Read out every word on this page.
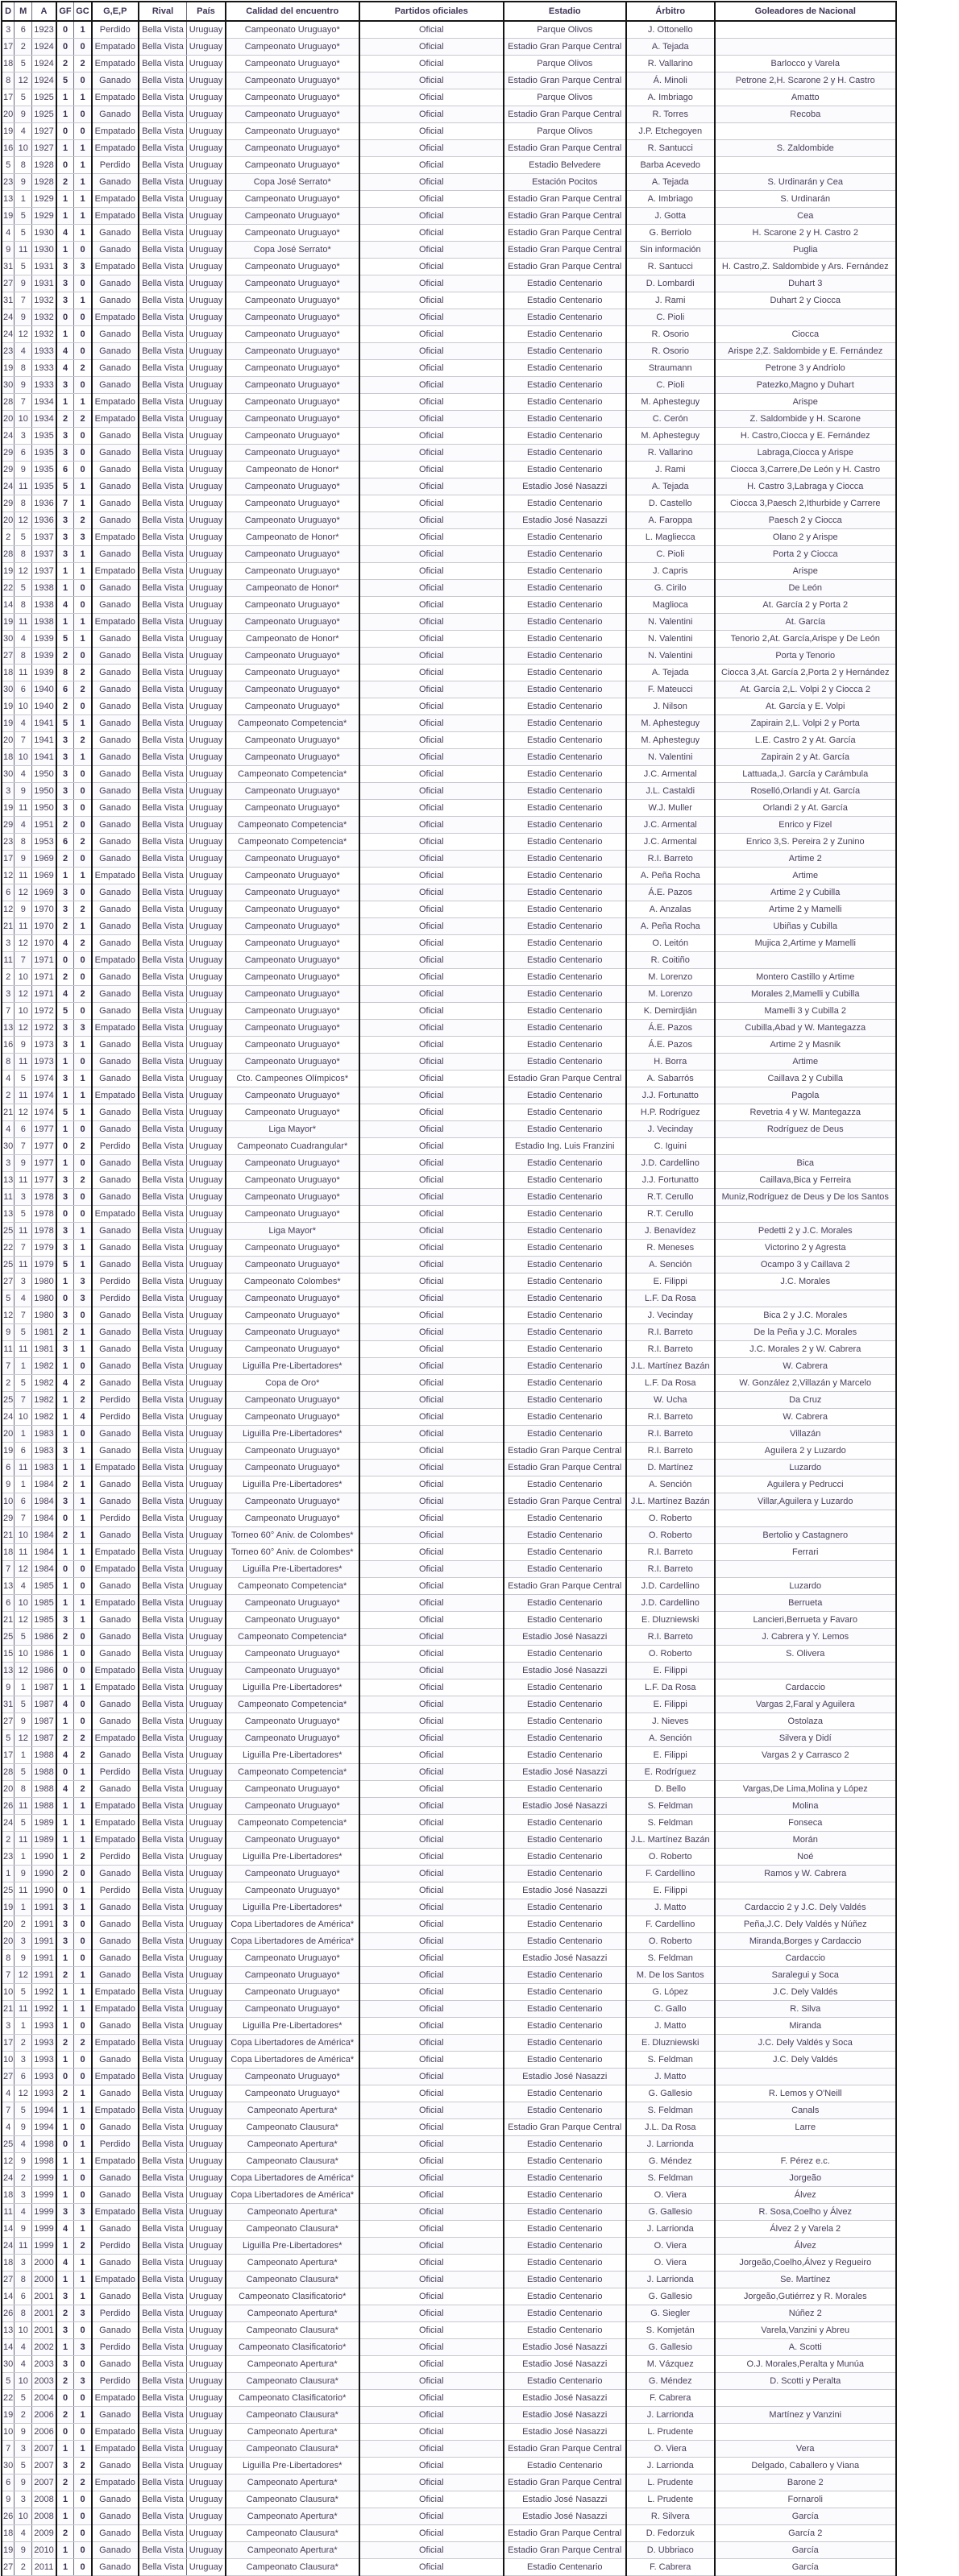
D	M	A	GF	GC	G,E,P	Rival	País	Calidad del encuentro	Partidos oficiales	Estadio	Árbitro	Goleadores de Nacional
3	6	1923	0	1	Perdido	Bella Vista	Uruguay	Campeonato Uruguayo*	Oficial	Parque Olivos	J. Ottonello	
17	2	1924	0	0	Empatado	Bella Vista	Uruguay	Campeonato Uruguayo*	Oficial	Estadio Gran Parque Central	A. Tejada	
18	5	1924	2	2	Empatado	Bella Vista	Uruguay	Campeonato Uruguayo*	Oficial	Parque Olivos	R. Vallarino	Barlocco y Varela
8	12	1924	5	0	Ganado	Bella Vista	Uruguay	Campeonato Uruguayo*	Oficial	Estadio Gran Parque Central	Á. Minoli	Petrone 2,H. Scarone 2 y H. Castro
17	5	1925	1	1	Empatado	Bella Vista	Uruguay	Campeonato Uruguayo*	Oficial	Parque Olivos	A. Imbriago	Amatto
20	9	1925	1	0	Ganado	Bella Vista	Uruguay	Campeonato Uruguayo*	Oficial	Estadio Gran Parque Central	R. Torres	Recoba
19	4	1927	0	0	Empatado	Bella Vista	Uruguay	Campeonato Uruguayo*	Oficial	Parque Olivos	J.P. Etchegoyen	
16	10	1927	1	1	Empatado	Bella Vista	Uruguay	Campeonato Uruguayo*	Oficial	Estadio Gran Parque Central	R. Santucci	S. Zaldombide
5	8	1928	0	1	Perdido	Bella Vista	Uruguay	Campeonato Uruguayo*	Oficial	Estadio Belvedere	Barba Acevedo	
23	9	1928	2	1	Ganado	Bella Vista	Uruguay	Copa José Serrato*	Oficial	Estación Pocitos	A. Tejada	S. Urdinarán y Cea
13	1	1929	1	1	Empatado	Bella Vista	Uruguay	Campeonato Uruguayo*	Oficial	Estadio Gran Parque Central	A. Imbriago	S. Urdinarán
19	5	1929	1	1	Empatado	Bella Vista	Uruguay	Campeonato Uruguayo*	Oficial	Estadio Gran Parque Central	J. Gotta	Cea
4	5	1930	4	1	Ganado	Bella Vista	Uruguay	Campeonato Uruguayo*	Oficial	Estadio Gran Parque Central	G. Berriolo	H. Scarone 2 y H. Castro 2
9	11	1930	1	0	Ganado	Bella Vista	Uruguay	Copa José Serrato*	Oficial	Estadio Gran Parque Central	Sin información	Puglia
31	5	1931	3	3	Empatado	Bella Vista	Uruguay	Campeonato Uruguayo*	Oficial	Estadio Gran Parque Central	R. Santucci	H. Castro,Z. Saldombide y Ars. Fernández
27	9	1931	3	0	Ganado	Bella Vista	Uruguay	Campeonato Uruguayo*	Oficial	Estadio Centenario	D. Lombardi	Duhart 3
31	7	1932	3	1	Ganado	Bella Vista	Uruguay	Campeonato Uruguayo*	Oficial	Estadio Centenario	J. Rami	Duhart 2 y Ciocca
24	9	1932	0	0	Empatado	Bella Vista	Uruguay	Campeonato Uruguayo*	Oficial	Estadio Centenario	C. Pioli	
24	12	1932	1	0	Ganado	Bella Vista	Uruguay	Campeonato Uruguayo*	Oficial	Estadio Centenario	R. Osorio	Ciocca
23	4	1933	4	0	Ganado	Bella Vista	Uruguay	Campeonato Uruguayo*	Oficial	Estadio Centenario	R. Osorio	Arispe 2,Z. Saldombide y E. Fernández
19	8	1933	4	2	Ganado	Bella Vista	Uruguay	Campeonato Uruguayo*	Oficial	Estadio Centenario	Straumann	Petrone 3 y Andriolo
30	9	1933	3	0	Ganado	Bella Vista	Uruguay	Campeonato Uruguayo*	Oficial	Estadio Centenario	C. Pioli	Patezko,Magno y Duhart
28	7	1934	1	1	Empatado	Bella Vista	Uruguay	Campeonato Uruguayo*	Oficial	Estadio Centenario	M. Aphesteguy	Arispe
20	10	1934	2	2	Empatado	Bella Vista	Uruguay	Campeonato Uruguayo*	Oficial	Estadio Centenario	C. Cerón	Z. Saldombide y H. Scarone
24	3	1935	3	0	Ganado	Bella Vista	Uruguay	Campeonato Uruguayo*	Oficial	Estadio Centenario	M. Aphesteguy	H. Castro,Ciocca y E. Fernández
29	6	1935	3	0	Ganado	Bella Vista	Uruguay	Campeonato Uruguayo*	Oficial	Estadio Centenario	R. Vallarino	Labraga,Ciocca y Arispe
29	9	1935	6	0	Ganado	Bella Vista	Uruguay	Campeonato de Honor*	Oficial	Estadio Centenario	J. Rami	Ciocca 3,Carrere,De León y H. Castro
24	11	1935	5	1	Ganado	Bella Vista	Uruguay	Campeonato Uruguayo*	Oficial	Estadio José Nasazzi	A. Tejada	H. Castro 3,Labraga y Ciocca
29	8	1936	7	1	Ganado	Bella Vista	Uruguay	Campeonato Uruguayo*	Oficial	Estadio Centenario	D. Castello	Ciocca 3,Paesch 2,Ithurbide y Carrere
20	12	1936	3	2	Ganado	Bella Vista	Uruguay	Campeonato Uruguayo*	Oficial	Estadio José Nasazzi	A. Faroppa	Paesch 2 y Ciocca
2	5	1937	3	3	Empatado	Bella Vista	Uruguay	Campeonato de Honor*	Oficial	Estadio Centenario	L. Magliecca	Olano 2 y Arispe
28	8	1937	3	1	Ganado	Bella Vista	Uruguay	Campeonato Uruguayo*	Oficial	Estadio Centenario	C. Pioli	Porta 2 y Ciocca
19	12	1937	1	1	Empatado	Bella Vista	Uruguay	Campeonato Uruguayo*	Oficial	Estadio Centenario	J. Capris	Arispe
22	5	1938	1	0	Ganado	Bella Vista	Uruguay	Campeonato de Honor*	Oficial	Estadio Centenario	G. Cirilo	De León
14	8	1938	4	0	Ganado	Bella Vista	Uruguay	Campeonato Uruguayo*	Oficial	Estadio Centenario	Maglioca	At. García 2 y Porta 2
19	11	1938	1	1	Empatado	Bella Vista	Uruguay	Campeonato Uruguayo*	Oficial	Estadio Centenario	N. Valentini	At. García
30	4	1939	5	1	Ganado	Bella Vista	Uruguay	Campeonato de Honor*	Oficial	Estadio Centenario	N. Valentini	Tenorio 2,At. García,Arispe y De León
27	8	1939	2	0	Ganado	Bella Vista	Uruguay	Campeonato Uruguayo*	Oficial	Estadio Centenario	N. Valentini	Porta y Tenorio
18	11	1939	8	2	Ganado	Bella Vista	Uruguay	Campeonato Uruguayo*	Oficial	Estadio Centenario	A. Tejada	Ciocca 3,At. García 2,Porta 2 y Hernández
30	6	1940	6	2	Ganado	Bella Vista	Uruguay	Campeonato Uruguayo*	Oficial	Estadio Centenario	F. Mateucci	At. García 2,L. Volpi 2 y Ciocca 2
19	10	1940	2	0	Ganado	Bella Vista	Uruguay	Campeonato Uruguayo*	Oficial	Estadio Centenario	J. Nilson	At. García y E. Volpi
19	4	1941	5	1	Ganado	Bella Vista	Uruguay	Campeonato Competencia*	Oficial	Estadio Centenario	M. Aphesteguy	Zapirain 2,L. Volpi 2 y Porta
20	7	1941	3	2	Ganado	Bella Vista	Uruguay	Campeonato Uruguayo*	Oficial	Estadio Centenario	M. Aphesteguy	L.E. Castro 2 y At. García
18	10	1941	3	1	Ganado	Bella Vista	Uruguay	Campeonato Uruguayo*	Oficial	Estadio Centenario	N. Valentini	Zapirain 2 y At. García
30	4	1950	3	0	Ganado	Bella Vista	Uruguay	Campeonato Competencia*	Oficial	Estadio Centenario	J.C. Armental	Lattuada,J. García y Carámbula
3	9	1950	3	0	Ganado	Bella Vista	Uruguay	Campeonato Uruguayo*	Oficial	Estadio Centenario	J.L. Castaldi	Roselló,Orlandi y At. García
19	11	1950	3	0	Ganado	Bella Vista	Uruguay	Campeonato Uruguayo*	Oficial	Estadio Centenario	W.J. Muller	Orlandi 2 y At. García
29	4	1951	2	0	Ganado	Bella Vista	Uruguay	Campeonato Competencia*	Oficial	Estadio Centenario	J.C. Armental	Enrico y Fizel
23	8	1953	6	2	Ganado	Bella Vista	Uruguay	Campeonato Competencia*	Oficial	Estadio Centenario	J.C. Armental	Enrico 3,S. Pereira 2 y Zunino
17	9	1969	2	0	Ganado	Bella Vista	Uruguay	Campeonato Uruguayo*	Oficial	Estadio Centenario	R.I. Barreto	Artime 2
12	11	1969	1	1	Empatado	Bella Vista	Uruguay	Campeonato Uruguayo*	Oficial	Estadio Centenario	A. Peña Rocha	Artime
6	12	1969	3	0	Ganado	Bella Vista	Uruguay	Campeonato Uruguayo*	Oficial	Estadio Centenario	Á.E. Pazos	Artime 2 y Cubilla
12	9	1970	3	2	Ganado	Bella Vista	Uruguay	Campeonato Uruguayo*	Oficial	Estadio Centenario	A. Anzalas	Artime 2 y Mamelli
21	11	1970	2	1	Ganado	Bella Vista	Uruguay	Campeonato Uruguayo*	Oficial	Estadio Centenario	A. Peña Rocha	Ubiñas y Cubilla
3	12	1970	4	2	Ganado	Bella Vista	Uruguay	Campeonato Uruguayo*	Oficial	Estadio Centenario	O. Leitón	Mujica 2,Artime y Mamelli
11	7	1971	0	0	Empatado	Bella Vista	Uruguay	Campeonato Uruguayo*	Oficial	Estadio Centenario	R. Coitiño	
2	10	1971	2	0	Ganado	Bella Vista	Uruguay	Campeonato Uruguayo*	Oficial	Estadio Centenario	M. Lorenzo	Montero Castillo y Artime
3	12	1971	4	2	Ganado	Bella Vista	Uruguay	Campeonato Uruguayo*	Oficial	Estadio Centenario	M. Lorenzo	Morales 2,Mamelli y Cubilla
7	10	1972	5	0	Ganado	Bella Vista	Uruguay	Campeonato Uruguayo*	Oficial	Estadio Centenario	K. Demirdjián	Mamelli 3 y Cubilla 2
13	12	1972	3	3	Empatado	Bella Vista	Uruguay	Campeonato Uruguayo*	Oficial	Estadio Centenario	Á.E. Pazos	Cubilla,Abad y W. Mantegazza
16	9	1973	3	1	Ganado	Bella Vista	Uruguay	Campeonato Uruguayo*	Oficial	Estadio Centenario	Á.E. Pazos	Artime 2 y Masnik
8	11	1973	1	0	Ganado	Bella Vista	Uruguay	Campeonato Uruguayo*	Oficial	Estadio Centenario	H. Borra	Artime
4	5	1974	3	1	Ganado	Bella Vista	Uruguay	Cto. Campeones Olímpicos*	Oficial	Estadio Gran Parque Central	A. Sabarrós	Caillava 2 y Cubilla
2	11	1974	1	1	Empatado	Bella Vista	Uruguay	Campeonato Uruguayo*	Oficial	Estadio Centenario	J.J. Fortunatto	Pagola
21	12	1974	5	1	Ganado	Bella Vista	Uruguay	Campeonato Uruguayo*	Oficial	Estadio Centenario	H.P. Rodríguez	Revetria 4 y W. Mantegazza
4	6	1977	1	0	Ganado	Bella Vista	Uruguay	Liga Mayor*	Oficial	Estadio Centenario	J. Vecinday	Rodríguez de Deus
30	7	1977	0	2	Perdido	Bella Vista	Uruguay	Campeonato Cuadrangular*	Oficial	Estadio Ing. Luis Franzini	C. Iguini	
3	9	1977	1	0	Ganado	Bella Vista	Uruguay	Campeonato Uruguayo*	Oficial	Estadio Centenario	J.D. Cardellino	Bica
13	11	1977	3	2	Ganado	Bella Vista	Uruguay	Campeonato Uruguayo*	Oficial	Estadio Centenario	J.J. Fortunatto	Caillava,Bica y Ferreira
11	3	1978	3	0	Ganado	Bella Vista	Uruguay	Campeonato Uruguayo*	Oficial	Estadio Centenario	R.T. Cerullo	Muniz,Rodríguez de Deus y De los Santos
13	5	1978	0	0	Empatado	Bella Vista	Uruguay	Campeonato Uruguayo*	Oficial	Estadio Centenario	R.T. Cerullo	
25	11	1978	3	1	Ganado	Bella Vista	Uruguay	Liga Mayor*	Oficial	Estadio Centenario	J. Benavídez	Pedetti 2 y J.C. Morales
22	7	1979	3	1	Ganado	Bella Vista	Uruguay	Campeonato Uruguayo*	Oficial	Estadio Centenario	R. Meneses	Victorino 2 y Agresta
25	11	1979	5	1	Ganado	Bella Vista	Uruguay	Campeonato Uruguayo*	Oficial	Estadio Centenario	A. Sención	Ocampo 3 y Caillava 2
27	3	1980	1	3	Perdido	Bella Vista	Uruguay	Campeonato Colombes*	Oficial	Estadio Centenario	E. Filippi	J.C. Morales
5	4	1980	0	3	Perdido	Bella Vista	Uruguay	Campeonato Uruguayo*	Oficial	Estadio Centenario	L.F. Da Rosa	
12	7	1980	3	0	Ganado	Bella Vista	Uruguay	Campeonato Uruguayo*	Oficial	Estadio Centenario	J. Vecinday	Bica 2 y J.C. Morales
9	5	1981	2	1	Ganado	Bella Vista	Uruguay	Campeonato Uruguayo*	Oficial	Estadio Centenario	R.I. Barreto	De la Peña y J.C. Morales
11	11	1981	3	1	Ganado	Bella Vista	Uruguay	Campeonato Uruguayo*	Oficial	Estadio Centenario	R.I. Barreto	J.C. Morales 2 y W. Cabrera
7	1	1982	1	0	Ganado	Bella Vista	Uruguay	Liguilla Pre-Libertadores*	Oficial	Estadio Centenario	J.L. Martínez Bazán	W. Cabrera
2	5	1982	4	2	Ganado	Bella Vista	Uruguay	Copa de Oro*	Oficial	Estadio Centenario	L.F. Da Rosa	W. González 2,Villazán y Marcelo
25	7	1982	1	2	Perdido	Bella Vista	Uruguay	Campeonato Uruguayo*	Oficial	Estadio Centenario	W. Ucha	Da Cruz
24	10	1982	1	4	Perdido	Bella Vista	Uruguay	Campeonato Uruguayo*	Oficial	Estadio Centenario	R.I. Barreto	W. Cabrera
20	1	1983	1	0	Ganado	Bella Vista	Uruguay	Liguilla Pre-Libertadores*	Oficial	Estadio Centenario	R.I. Barreto	Villazán
19	6	1983	3	1	Ganado	Bella Vista	Uruguay	Campeonato Uruguayo*	Oficial	Estadio Gran Parque Central	R.I. Barreto	Aguilera 2 y Luzardo
6	11	1983	1	1	Empatado	Bella Vista	Uruguay	Campeonato Uruguayo*	Oficial	Estadio Gran Parque Central	D. Martínez	Luzardo
9	1	1984	2	1	Ganado	Bella Vista	Uruguay	Liguilla Pre-Libertadores*	Oficial	Estadio Centenario	A. Sención	Aguilera y Pedrucci
10	6	1984	3	1	Ganado	Bella Vista	Uruguay	Campeonato Uruguayo*	Oficial	Estadio Gran Parque Central	J.L. Martínez Bazán	Villar,Aguilera y Luzardo
29	7	1984	0	1	Perdido	Bella Vista	Uruguay	Campeonato Uruguayo*	Oficial	Estadio Centenario	O. Roberto	
21	10	1984	2	1	Ganado	Bella Vista	Uruguay	Torneo 60° Aniv. de Colombes*	Oficial	Estadio Centenario	O. Roberto	Bertolio y Castagnero
18	11	1984	1	1	Empatado	Bella Vista	Uruguay	Torneo 60° Aniv. de Colombes*	Oficial	Estadio Centenario	R.I. Barreto	Ferrari
7	12	1984	0	0	Empatado	Bella Vista	Uruguay	Liguilla Pre-Libertadores*	Oficial	Estadio Centenario	R.I. Barreto	
13	4	1985	1	0	Ganado	Bella Vista	Uruguay	Campeonato Competencia*	Oficial	Estadio Gran Parque Central	J.D. Cardellino	Luzardo
6	10	1985	1	1	Empatado	Bella Vista	Uruguay	Campeonato Uruguayo*	Oficial	Estadio Centenario	J.D. Cardellino	Berrueta
21	12	1985	3	1	Ganado	Bella Vista	Uruguay	Campeonato Uruguayo*	Oficial	Estadio Centenario	E. Dluzniewski	Lancieri,Berrueta y Favaro
25	5	1986	2	0	Ganado	Bella Vista	Uruguay	Campeonato Competencia*	Oficial	Estadio José Nasazzi	R.I. Barreto	J. Cabrera y Y. Lemos
15	10	1986	1	0	Ganado	Bella Vista	Uruguay	Campeonato Uruguayo*	Oficial	Estadio Centenario	O. Roberto	S. Olivera
13	12	1986	0	0	Empatado	Bella Vista	Uruguay	Campeonato Uruguayo*	Oficial	Estadio José Nasazzi	E. Filippi	
9	1	1987	1	1	Empatado	Bella Vista	Uruguay	Liguilla Pre-Libertadores*	Oficial	Estadio Centenario	L.F. Da Rosa	Cardaccio
31	5	1987	4	0	Ganado	Bella Vista	Uruguay	Campeonato Competencia*	Oficial	Estadio Centenario	E. Filippi	Vargas 2,Faral y Aguilera
27	9	1987	1	0	Ganado	Bella Vista	Uruguay	Campeonato Uruguayo*	Oficial	Estadio Centenario	J. Nieves	Ostolaza
5	12	1987	2	2	Empatado	Bella Vista	Uruguay	Campeonato Uruguayo*	Oficial	Estadio Centenario	A. Sención	Silvera y Didí
17	1	1988	4	2	Ganado	Bella Vista	Uruguay	Liguilla Pre-Libertadores*	Oficial	Estadio Centenario	E. Filippi	Vargas 2 y Carrasco 2
28	5	1988	0	1	Perdido	Bella Vista	Uruguay	Campeonato Competencia*	Oficial	Estadio José Nasazzi	E. Rodríguez	
20	8	1988	4	2	Ganado	Bella Vista	Uruguay	Campeonato Uruguayo*	Oficial	Estadio Centenario	D. Bello	Vargas,De Lima,Molina y López
26	11	1988	1	1	Empatado	Bella Vista	Uruguay	Campeonato Uruguayo*	Oficial	Estadio José Nasazzi	S. Feldman	Molina
24	5	1989	1	1	Empatado	Bella Vista	Uruguay	Campeonato Competencia*	Oficial	Estadio Centenario	S. Feldman	Fonseca
2	11	1989	1	1	Empatado	Bella Vista	Uruguay	Campeonato Uruguayo*	Oficial	Estadio Centenario	J.L. Martínez Bazán	Morán
23	1	1990	1	2	Perdido	Bella Vista	Uruguay	Liguilla Pre-Libertadores*	Oficial	Estadio Centenario	O. Roberto	Noé
1	9	1990	2	0	Ganado	Bella Vista	Uruguay	Campeonato Uruguayo*	Oficial	Estadio Centenario	F. Cardellino	Ramos y W. Cabrera
25	11	1990	0	1	Perdido	Bella Vista	Uruguay	Campeonato Uruguayo*	Oficial	Estadio José Nasazzi	E. Filippi	
19	1	1991	3	1	Ganado	Bella Vista	Uruguay	Liguilla Pre-Libertadores*	Oficial	Estadio Centenario	J. Matto	Cardaccio 2 y J.C. Dely Valdés
20	2	1991	3	0	Ganado	Bella Vista	Uruguay	Copa Libertadores de América*	Oficial	Estadio Centenario	F. Cardellino	Peña,J.C. Dely Valdés y Núñez
20	3	1991	3	0	Ganado	Bella Vista	Uruguay	Copa Libertadores de América*	Oficial	Estadio Centenario	O. Roberto	Miranda,Borges y Cardaccio
8	9	1991	1	0	Ganado	Bella Vista	Uruguay	Campeonato Uruguayo*	Oficial	Estadio José Nasazzi	S. Feldman	Cardaccio
7	12	1991	2	1	Ganado	Bella Vista	Uruguay	Campeonato Uruguayo*	Oficial	Estadio Centenario	M. De los Santos	Saralegui y Soca
10	5	1992	1	1	Empatado	Bella Vista	Uruguay	Campeonato Uruguayo*	Oficial	Estadio Centenario	G. López	J.C. Dely Valdés
21	11	1992	1	1	Empatado	Bella Vista	Uruguay	Campeonato Uruguayo*	Oficial	Estadio Centenario	C. Gallo	R. Silva
3	1	1993	1	0	Ganado	Bella Vista	Uruguay	Liguilla Pre-Libertadores*	Oficial	Estadio Centenario	J. Matto	Miranda
17	2	1993	2	2	Empatado	Bella Vista	Uruguay	Copa Libertadores de América*	Oficial	Estadio Centenario	E. Dluzniewski	J.C. Dely Valdés y Soca
10	3	1993	1	0	Ganado	Bella Vista	Uruguay	Copa Libertadores de América*	Oficial	Estadio Centenario	S. Feldman	J.C. Dely Valdés
27	6	1993	0	0	Empatado	Bella Vista	Uruguay	Campeonato Uruguayo*	Oficial	Estadio José Nasazzi	J. Matto	
4	12	1993	2	1	Ganado	Bella Vista	Uruguay	Campeonato Uruguayo*	Oficial	Estadio Centenario	G. Gallesio	R. Lemos y O'Neill
7	5	1994	1	1	Empatado	Bella Vista	Uruguay	Campeonato Apertura*	Oficial	Estadio Centenario	S. Feldman	Canals
4	9	1994	1	0	Ganado	Bella Vista	Uruguay	Campeonato Clausura*	Oficial	Estadio Gran Parque Central	J.L. Da Rosa	Larre
25	4	1998	0	1	Perdido	Bella Vista	Uruguay	Campeonato Apertura*	Oficial	Estadio Centenario	J. Larrionda	
12	9	1998	1	1	Empatado	Bella Vista	Uruguay	Campeonato Clausura*	Oficial	Estadio Centenario	G. Méndez	F. Pérez e.c.
24	2	1999	1	0	Ganado	Bella Vista	Uruguay	Copa Libertadores de América*	Oficial	Estadio Centenario	S. Feldman	Jorgeão
18	3	1999	1	0	Ganado	Bella Vista	Uruguay	Copa Libertadores de América*	Oficial	Estadio Centenario	O. Viera	Álvez
11	4	1999	3	3	Empatado	Bella Vista	Uruguay	Campeonato Apertura*	Oficial	Estadio Centenario	G. Gallesio	R. Sosa,Coelho y Álvez
14	9	1999	4	1	Ganado	Bella Vista	Uruguay	Campeonato Clausura*	Oficial	Estadio Centenario	J. Larrionda	Álvez 2 y Varela 2
24	11	1999	1	2	Perdido	Bella Vista	Uruguay	Liguilla Pre-Libertadores*	Oficial	Estadio Centenario	O. Viera	Álvez
18	3	2000	4	1	Ganado	Bella Vista	Uruguay	Campeonato Apertura*	Oficial	Estadio Centenario	O. Viera	Jorgeão,Coelho,Álvez y Regueiro
27	8	2000	1	1	Empatado	Bella Vista	Uruguay	Campeonato Clausura*	Oficial	Estadio Centenario	J. Larrionda	Se. Martínez
14	6	2001	3	1	Ganado	Bella Vista	Uruguay	Campeonato Clasificatorio*	Oficial	Estadio Centenario	G. Gallesio	Jorgeão,Gutiérrez y R. Morales
26	8	2001	2	3	Perdido	Bella Vista	Uruguay	Campeonato Apertura*	Oficial	Estadio Centenario	G. Siegler	Núñez 2
13	10	2001	3	0	Ganado	Bella Vista	Uruguay	Campeonato Clausura*	Oficial	Estadio Centenario	S. Komjetán	Varela,Vanzini y Abreu
14	4	2002	1	3	Perdido	Bella Vista	Uruguay	Campeonato Clasificatorio*	Oficial	Estadio José Nasazzi	G. Gallesio	A. Scotti
30	4	2003	3	0	Ganado	Bella Vista	Uruguay	Campeonato Apertura*	Oficial	Estadio José Nasazzi	M. Vázquez	O.J. Morales,Peralta y Munúa
5	10	2003	2	3	Perdido	Bella Vista	Uruguay	Campeonato Clausura*	Oficial	Estadio Centenario	G. Méndez	D. Scotti y Peralta
22	5	2004	0	0	Empatado	Bella Vista	Uruguay	Campeonato Clasificatorio*	Oficial	Estadio José Nasazzi	F. Cabrera	
19	2	2006	2	1	Ganado	Bella Vista	Uruguay	Campeonato Clausura*	Oficial	Estadio José Nasazzi	J. Larrionda	Martínez y Vanzini
10	9	2006	0	0	Empatado	Bella Vista	Uruguay	Campeonato Apertura*	Oficial	Estadio José Nasazzi	L. Prudente	
7	3	2007	1	1	Empatado	Bella Vista	Uruguay	Campeonato Clausura*	Oficial	Estadio Gran Parque Central	O. Viera	Vera
30	5	2007	3	2	Ganado	Bella Vista	Uruguay	Liguilla Pre-Libertadores*	Oficial	Estadio Centenario	J. Larrionda	Delgado, Caballero y Viana
6	9	2007	2	2	Empatado	Bella Vista	Uruguay	Campeonato Apertura*	Oficial	Estadio Gran Parque Central	L. Prudente	Barone 2
9	3	2008	1	0	Ganado	Bella Vista	Uruguay	Campeonato Clausura*	Oficial	Estadio José Nasazzi	L. Prudente	Fornaroli
26	10	2008	1	0	Ganado	Bella Vista	Uruguay	Campeonato Apertura*	Oficial	Estadio José Nasazzi	R. Silvera	García
18	4	2009	2	0	Ganado	Bella Vista	Uruguay	Campeonato Clausura*	Oficial	Estadio Gran Parque Central	D. Fedorzuk	García 2
19	9	2010	1	0	Ganado	Bella Vista	Uruguay	Campeonato Apertura*	Oficial	Estadio Gran Parque Central	D. Ubbriaco	García
27	2	2011	1	0	Ganado	Bella Vista	Uruguay	Campeonato Clausura*	Oficial	Estadio Centenario	F. Cabrera	García
